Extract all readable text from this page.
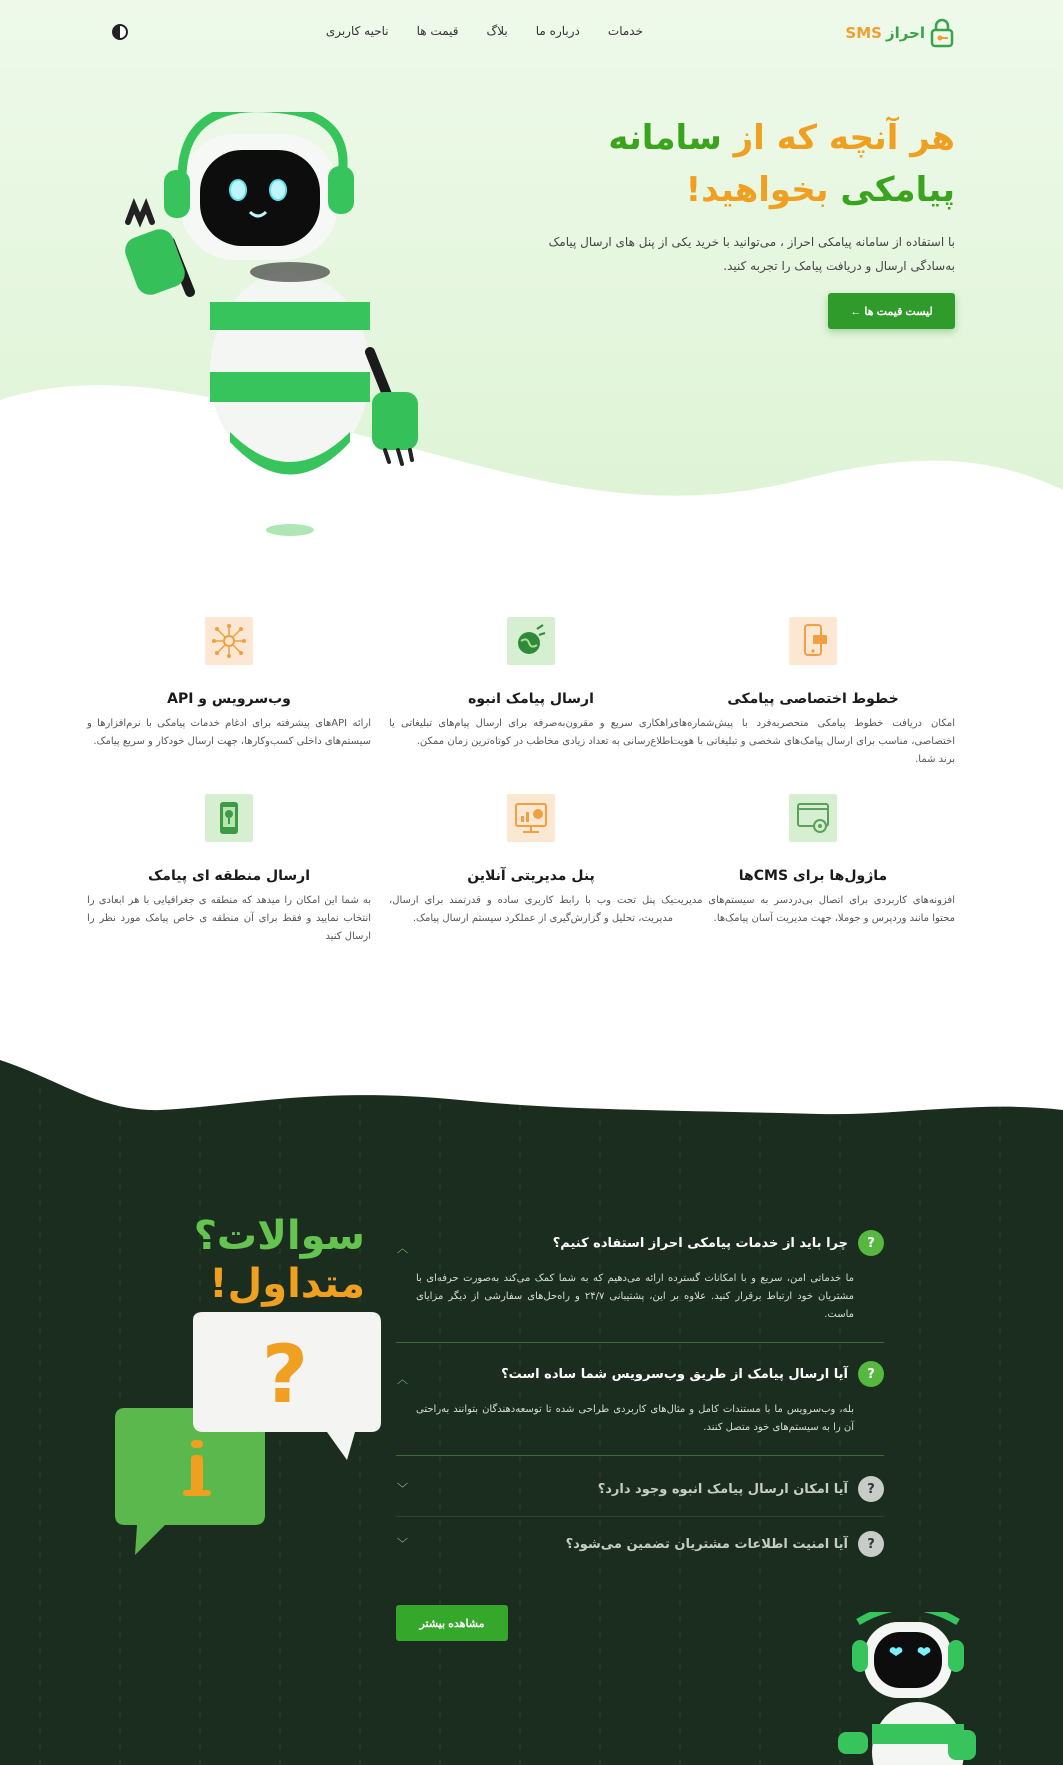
SMS احراز
خدمات
درباره ما
بلاگ
قیمت ها
ناحیه کاربری
هر آنچه که از سامانه
پیامکی بخواهید!

با استفاده از سامانه پیامکی احراز ، می‌توانید با خرید یکی از پنل های ارسال پیامک به‌سادگی ارسال و دریافت پیامک را تجربه کنید.

لیست قیمت ها ←
خطوط اختصاصی پیامکی
امکان دریافت خطوط پیامکی منحصربه‌فرد با پیش‌شماره‌های اختصاصی، مناسب برای ارسال پیامک‌های شخصی و تبلیغاتی با هویت برند شما.
ارسال پیامک انبوه
راهکاری سریع و مقرون‌به‌صرفه برای ارسال پیام‌های تبلیغاتی یا اطلاع‌رسانی به تعداد زیادی مخاطب در کوتاه‌ترین زمان ممکن.
وب‌سرویس و API
ارائه APIهای پیشرفته برای ادغام خدمات پیامکی با نرم‌افزارها و سیستم‌های داخلی کسب‌وکارها، جهت ارسال خودکار و سریع پیامک.
ماژول‌ها برای CMSها
افزونه‌های کاربردی برای اتصال بی‌دردسر به سیستم‌های مدیریت محتوا مانند وردپرس و جوملا، جهت مدیریت آسان پیامک‌ها.
پنل مدیریتی آنلاین
یک پنل تحت وب با رابط کاربری ساده و قدرتمند برای ارسال، مدیریت، تحلیل و گزارش‌گیری از عملکرد سیستم ارسال پیامک.
ارسال منطقه ای پیامک
به شما این امکان را میدهد که منطقه ی جغرافیایی با هر ابعادی را انتخاب نمایید و فقط برای آن منطقه ی خاص پیامک مورد نظر را ارسال کنید
سوالات؟
متداول!
?
?
چرا باید از خدمات پیامکی احراز استفاده کنیم؟
︿
ما خدماتی امن، سریع و با امکانات گسترده ارائه می‌دهیم که به شما کمک می‌کند به‌صورت حرفه‌ای با مشتریان خود ارتباط برقرار کنید. علاوه بر این، پشتیبانی ۲۴/۷ و راه‌حل‌های سفارشی از دیگر مزایای ماست.
?
آیا ارسال پیامک از طریق وب‌سرویس شما ساده است؟
︿
بله، وب‌سرویس ما با مستندات کامل و مثال‌های کاربردی طراحی شده تا توسعه‌دهندگان بتوانند به‌راحتی آن را به سیستم‌های خود متصل کنند.
?
آیا امکان ارسال پیامک انبوه وجود دارد؟
﹀
?
آیا امنیت اطلاعات مشتریان تضمین می‌شود؟
﹀
مشاهده بیشتر
